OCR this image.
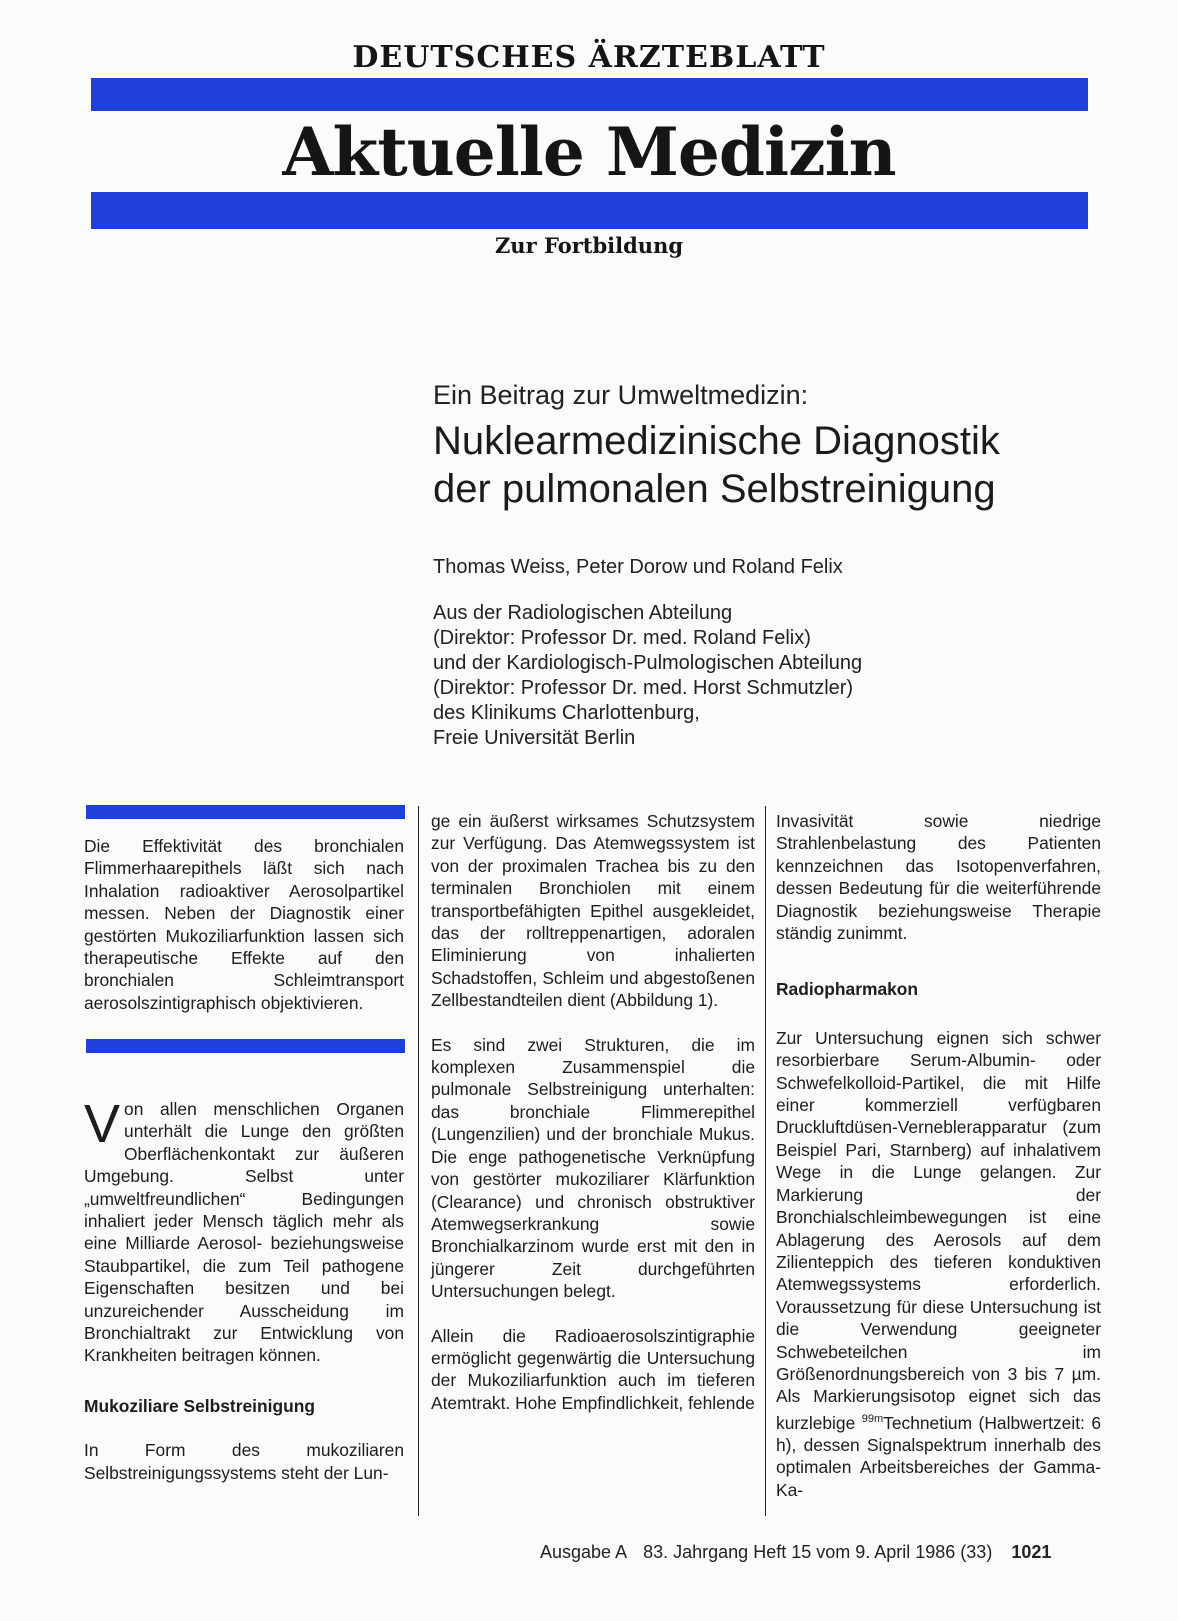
DEUTSCHES ÄRZTEBLATT
Aktuelle Medizin
Zur Fortbildung
Ein Beitrag zur Umweltmedizin:
Nuklearmedizinische Diagnostik
der pulmonalen Selbstreinigung
Thomas Weiss, Peter Dorow und Roland Felix
Aus der Radiologischen Abteilung
(Direktor: Professor Dr. med. Roland Felix)
und der Kardiologisch-Pulmologischen Abteilung
(Direktor: Professor Dr. med. Horst Schmutzler)
des Klinikums Charlottenburg,
Freie Universität Berlin

Die Effektivität des bronchialen Flimmerhaarepithels läßt sich nach Inhalation radioaktiver Aerosolpartikel messen. Neben der Diagnostik einer gestörten Mukoziliarfunktion lassen sich therapeutische Effekte auf den bronchialen Schleimtransport aerosolszintigraphisch objektivieren.

Von allen menschlichen Organen unterhält die Lunge den größten Oberflächenkontakt zur äußeren Umgebung. Selbst unter „umweltfreundlichen“ Bedingungen inhaliert jeder Mensch täglich mehr als eine Milliarde Aerosol- beziehungsweise Staubpartikel, die zum Teil pathogene Eigenschaften besitzen und bei unzureichender Ausscheidung im Bronchialtrakt zur Entwicklung von Krankheiten beitragen können.

Mukoziliare Selbstreinigung

In Form des mukoziliaren Selbstreinigungssystems steht der Lun-

ge ein äußerst wirksames Schutzsystem zur Verfügung. Das Atemwegssystem ist von der proximalen Trachea bis zu den terminalen Bronchiolen mit einem transportbefähigten Epithel ausgekleidet, das der rolltreppenartigen, adoralen Eliminierung von inhalierten Schadstoffen, Schleim und abgestoßenen Zellbestandteilen dient (Abbildung 1).

Es sind zwei Strukturen, die im komplexen Zusammenspiel die pulmonale Selbstreinigung unterhalten: das bronchiale Flimmerepithel (Lungenzilien) und der bronchiale Mukus. Die enge pathogenetische Verknüpfung von gestörter mukoziliarer Klärfunktion (Clearance) und chronisch obstruktiver Atemwegserkrankung sowie Bronchialkarzinom wurde erst mit den in jüngerer Zeit durchgeführten Untersuchungen belegt.

Allein die Radioaerosolszintigraphie ermöglicht gegenwärtig die Untersuchung der Mukoziliarfunktion auch im tieferen Atemtrakt. Hohe Empfindlichkeit, fehlende

Invasivität sowie niedrige Strahlenbelastung des Patienten kennzeichnen das Isotopenverfahren, dessen Bedeutung für die weiterführende Diagnostik beziehungsweise Therapie ständig zunimmt.

Radiopharmakon

Zur Untersuchung eignen sich schwer resorbierbare Serum-Albumin- oder Schwefelkolloid-Partikel, die mit Hilfe einer kommerziell verfügbaren Druckluftdüsen-Verneblerapparatur (zum Beispiel Pari, Starnberg) auf inhalativem Wege in die Lunge gelangen. Zur Markierung der Bronchialschleimbewegungen ist eine Ablagerung des Aerosols auf dem Zilienteppich des tieferen konduktiven Atemwegssystems erforderlich. Voraussetzung für diese Untersuchung ist die Verwendung geeigneter Schwebeteilchen im Größenordnungsbereich von 3 bis 7 µm. Als Markierungsisotop eignet sich das kurzlebige $^{99m}$Technetium (Halbwertzeit: 6 h), dessen Signalspektrum innerhalb des optimalen Arbeitsbereiches der Gamma-Ka-

Ausgabe A 83. Jahrgang Heft 15 vom 9. April 1986 (33) 1021
